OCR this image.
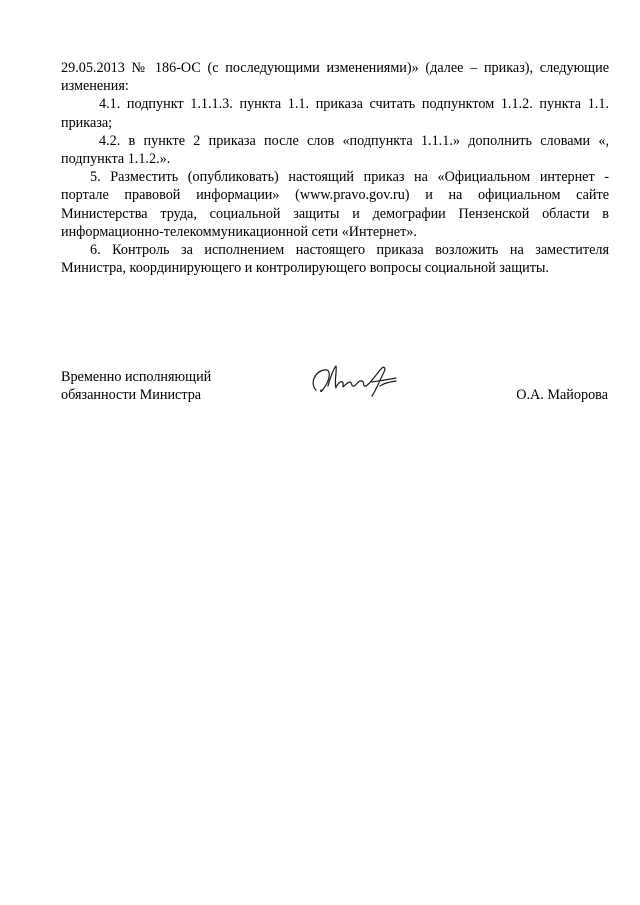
29.05.2013 № 186-ОС (с последующими изменениями)» (далее – приказ), следующие изменения:

4.1. подпункт 1.1.1.3. пункта 1.1. приказа считать подпунктом 1.1.2. пункта 1.1. приказа;

4.2. в пункте 2 приказа после слов «подпункта 1.1.1.» дополнить словами «, подпункта 1.1.2.».

5. Разместить (опубликовать) настоящий приказ на «Официальном интернет - портале правовой информации» (www.pravo.gov.ru) и на официальном сайте Министерства труда, социальной защиты и демографии Пензенской области в информационно-телекоммуникационной сети «Интернет».

6. Контроль за исполнением настоящего приказа возложить на заместителя Министра, координирующего и контролирующего вопросы социальной защиты.

Временно исполняющий
обязанности Министра	О.А. Майорова
